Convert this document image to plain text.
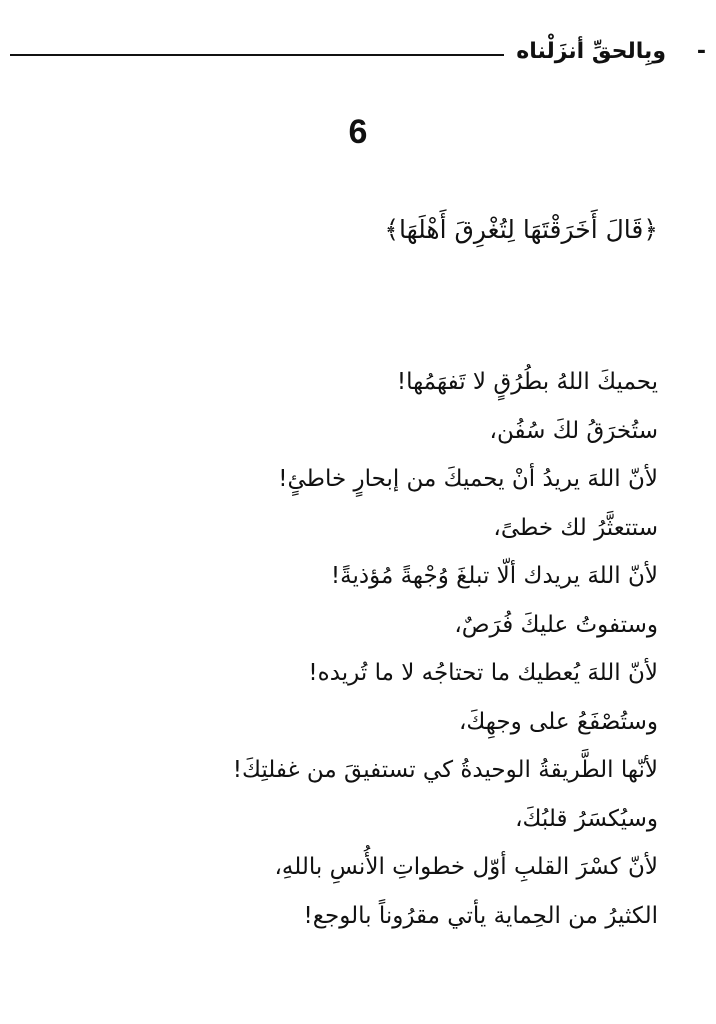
وبِالحقِّ أنزَلْناه	-
6
﴿قَالَ أَخَرَقْتَهَا لِتُغْرِقَ أَهْلَهَا﴾
يحميكَ اللهُ بطُرُقٍ لا تَفهَمُها!
ستُخرَقُ لكَ سُفُن،
لأنّ اللهَ يريدُ أنْ يحميكَ من إبحارٍ خاطئٍ!
ستتعثَّرُ لك خطىً،
لأنّ اللهَ يريدك ألّا تبلغَ وُجْهةً مُؤذيةً!
وستفوتُ عليكَ فُرَصٌ،
لأنّ اللهَ يُعطيك ما تحتاجُه لا ما تُريده!
وستُصْفَعُ على وجهِكَ،
لأنّها الطَّريقةُ الوحيدةُ كي تستفيقَ من غفلتِكَ!
وسيُكسَرُ قلبُكَ،
لأنّ كسْرَ القلبِ أوّل خطواتِ الأُنسِ باللهِ،
الكثيرُ من الحِماية يأتي مقرُوناً بالوجع!
